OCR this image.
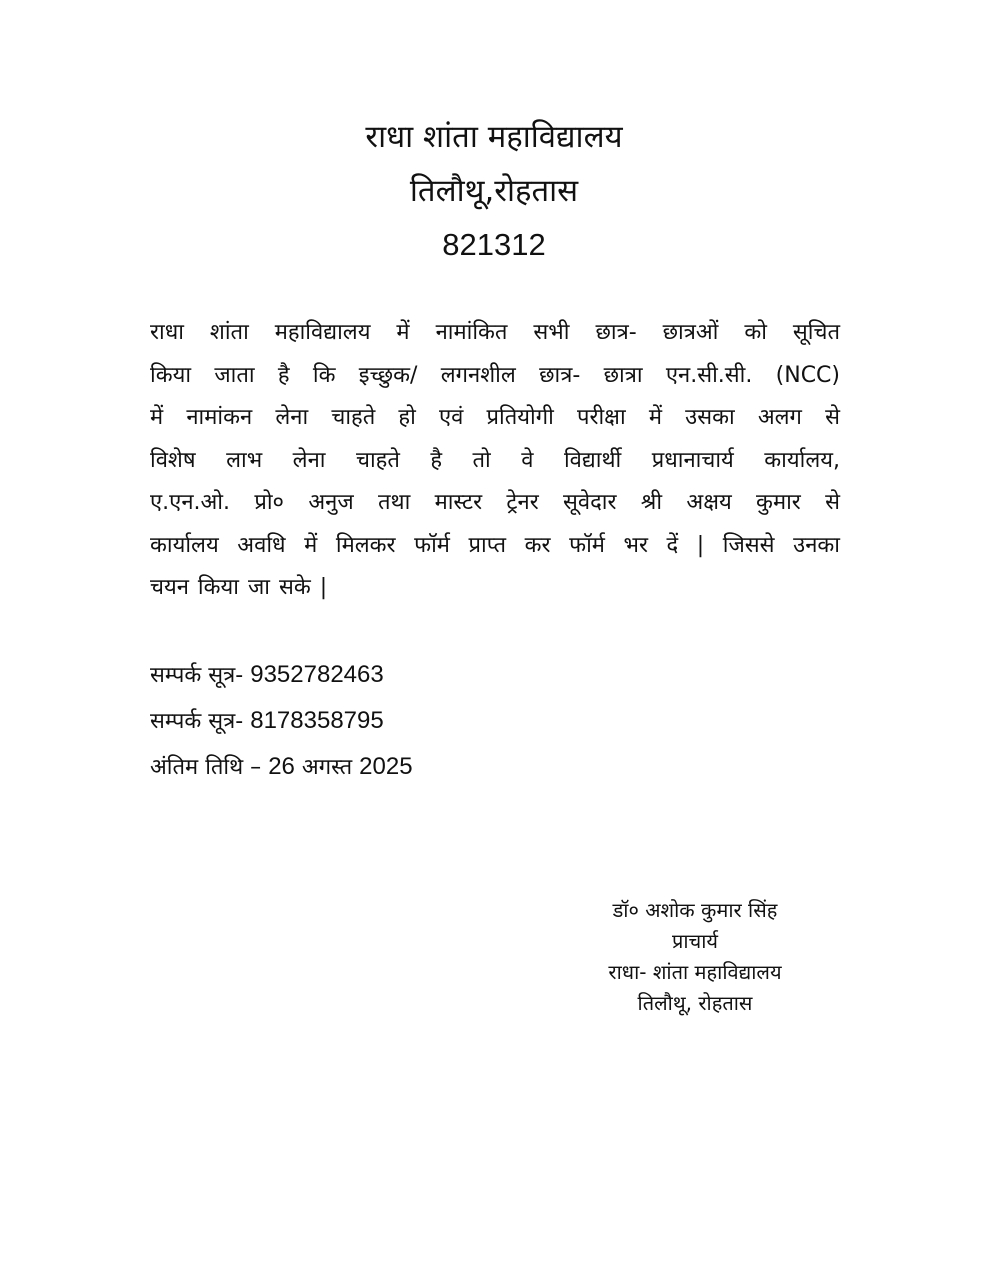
राधा शांता महाविद्यालय
तिलौथू,रोहतास
821312
राधा शांता महाविद्यालय में नामांकित सभी छात्र- छात्रओं को सूचित
किया जाता है कि इच्छुक/ लगनशील छात्र- छात्रा एन.सी.सी. (NCC)
में नामांकन लेना चाहते हो एवं प्रतियोगी परीक्षा में उसका अलग से
विशेष लाभ लेना चाहते है तो वे विद्यार्थी प्रधानाचार्य कार्यालय,
ए.एन.ओ. प्रो० अनुज तथा मास्टर ट्रेनर सूवेदार श्री अक्षय कुमार से
कार्यालय अवधि में मिलकर फॉर्म प्राप्त कर फॉर्म भर दें | जिससे उनका
चयन किया जा सके |
सम्पर्क सूत्र- 9352782463
सम्पर्क सूत्र- 8178358795
अंतिम तिथि – 26 अगस्त 2025
डॉ० अशोक कुमार सिंह
प्राचार्य
राधा- शांता महाविद्यालय
तिलौथू, रोहतास
